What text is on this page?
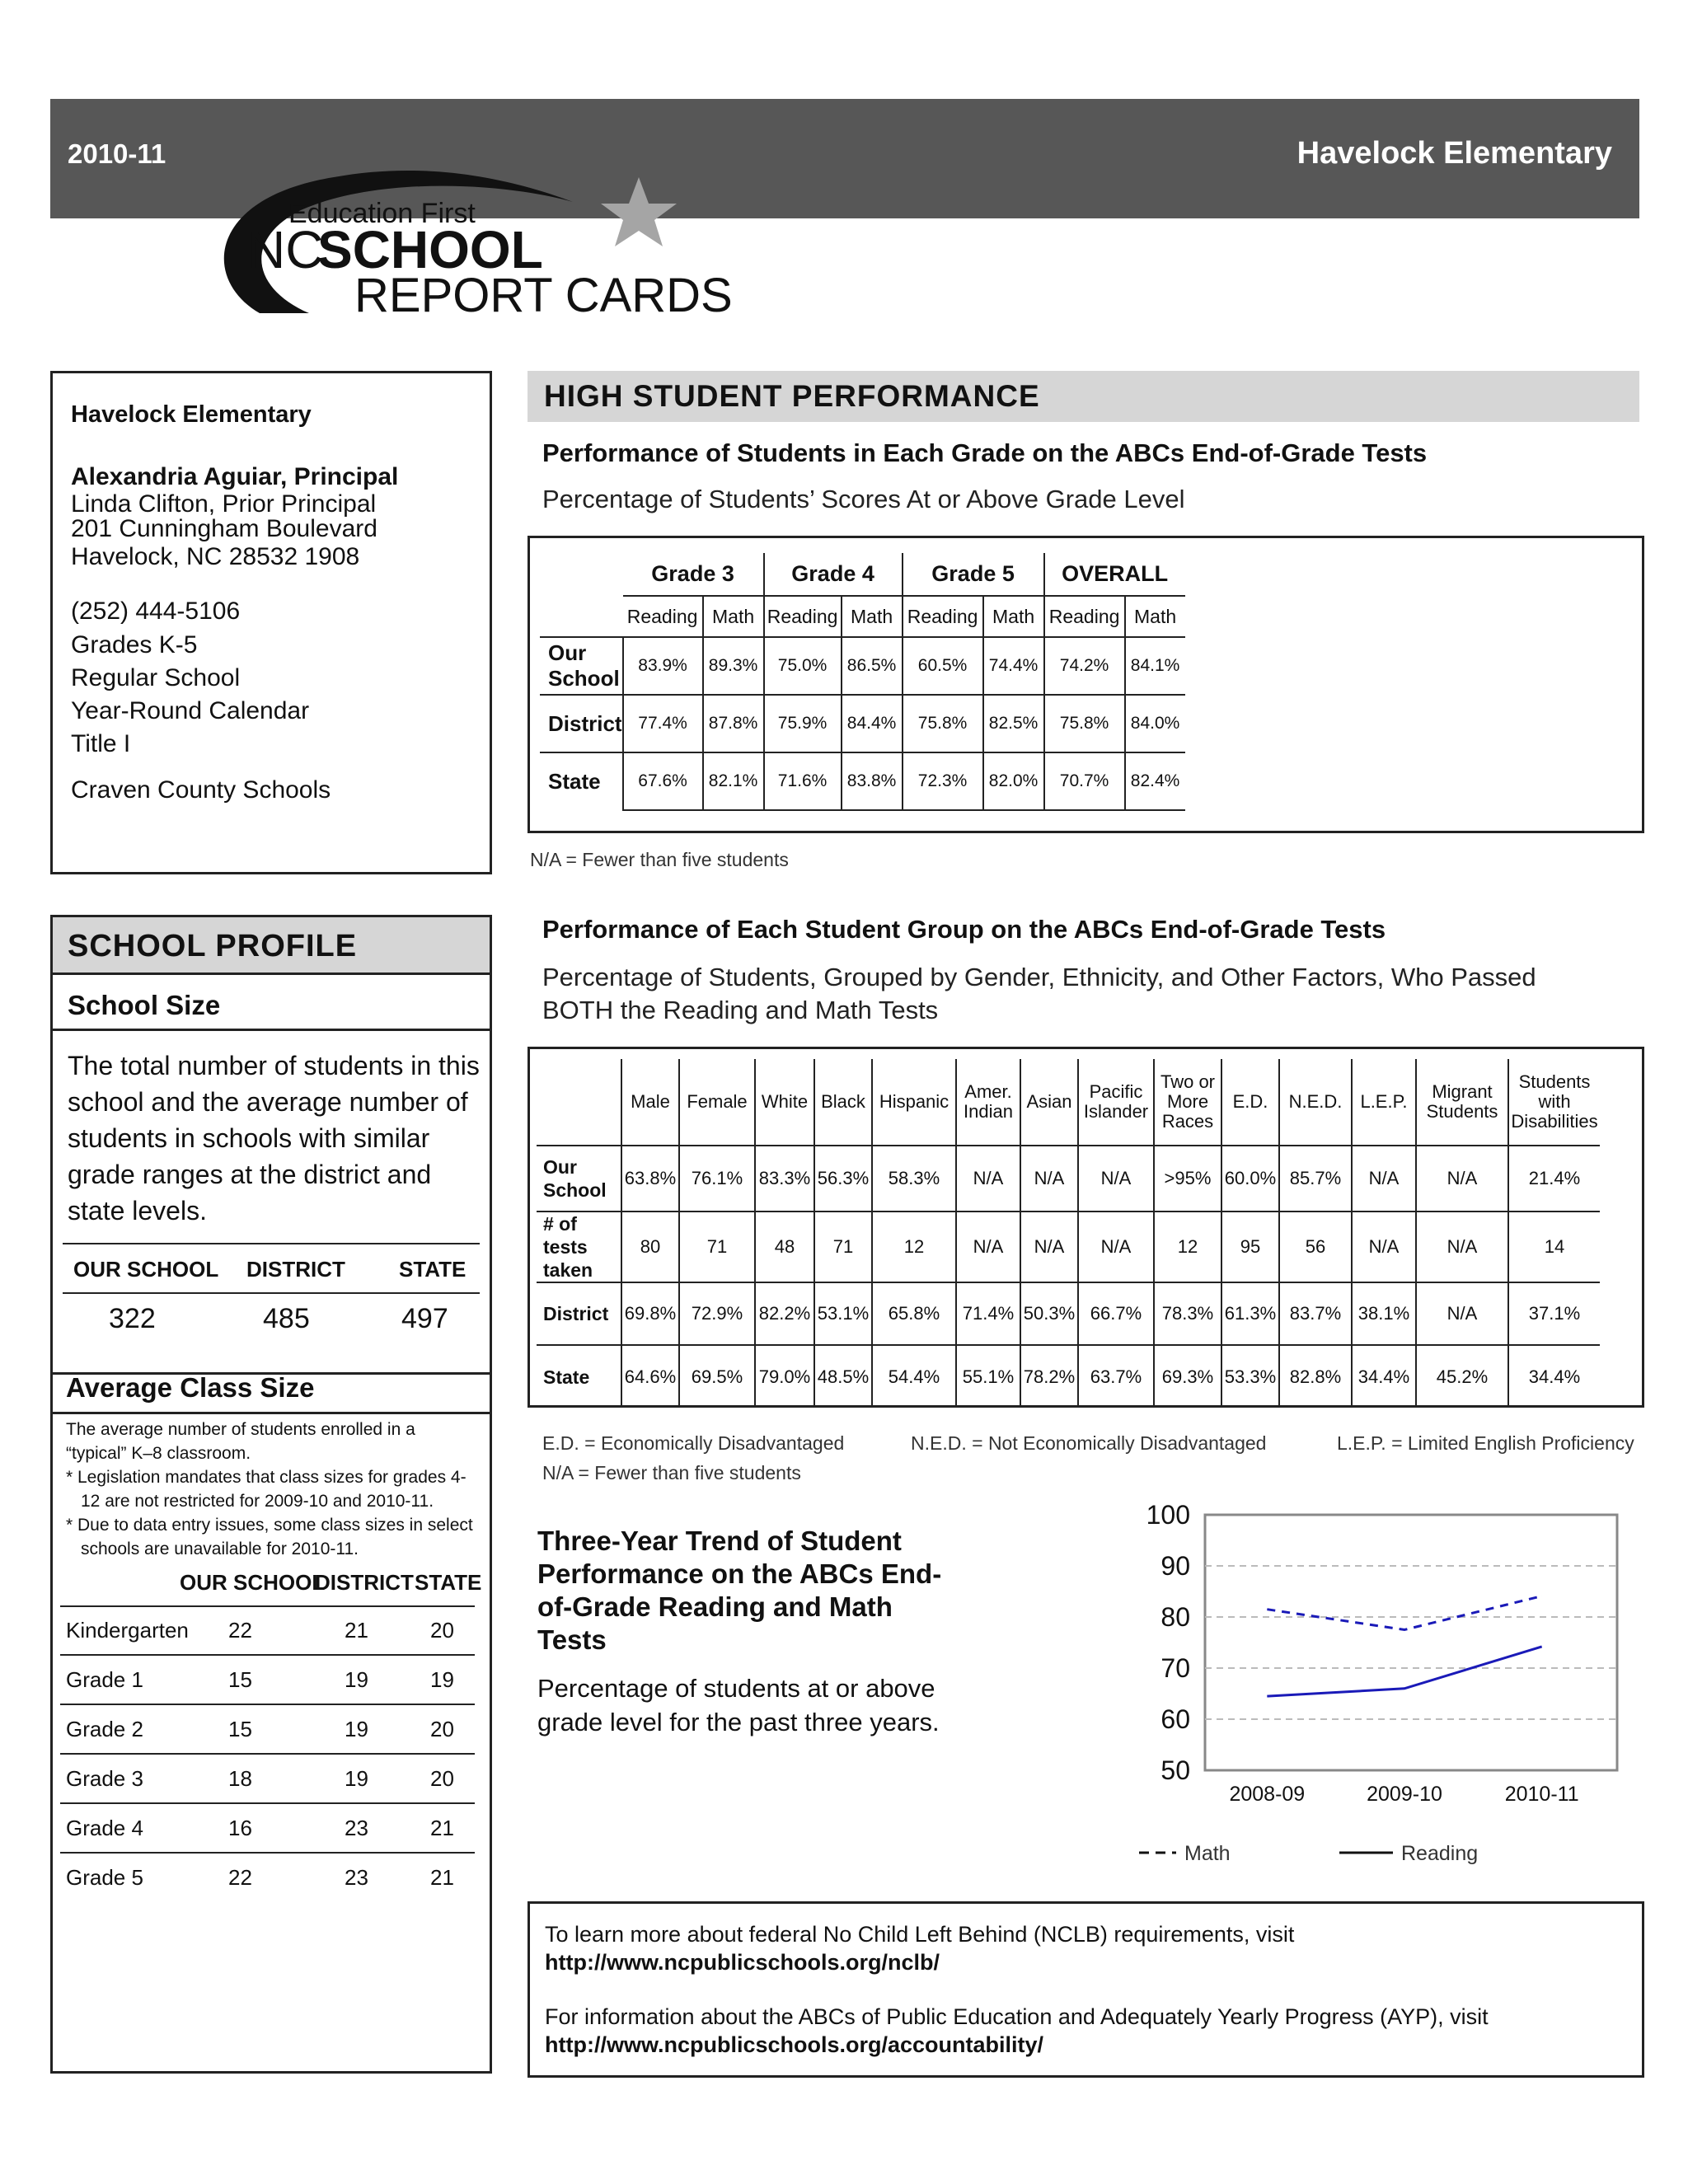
2010-11	Havelock Elementary
Education First
NC
SCHOOL
REPORT CARDS
Havelock Elementary
Alexandria Aguiar, Principal
Linda Clifton, Prior Principal
201 Cunningham Boulevard
Havelock, NC 28532 1908
(252) 444-5106
Grades K-5
Regular School
Year-Round Calendar
Title I
Craven County Schools
SCHOOL PROFILE
School Size
The total number of students in this school and the average number of students in schools with similar grade ranges at the district and state levels.
OUR SCHOOL DISTRICT	STATE
322	485	497
Average Class Size
The average number of students enrolled in a “typical” K–8 classroom.
* Legislation mandates that class sizes for grades 4-12 are not restricted for 2009-10 and 2010-11.
* Due to data entry issues, some class sizes in select schools are unavailable for 2010-11.
OUR SCHOOL
DISTRICT STATE
Kindergarten 22	21	20
Grade 1	15	19	19
Grade 2	15	19	20
Grade 3	18	19	20
Grade 4	16	23	21
Grade 5	22	23	21
HIGH STUDENT PERFORMANCE
Performance of Students in Each Grade on the ABCs End-of-Grade Tests
Percentage of Students’ Scores At or Above Grade Level
	Grade 3		Grade 4		Grade 5		OVERALL	
	Reading	Math	Reading	Math	Reading	Math	Reading	Math
Our School	83.9%	89.3%	75.0%	86.5%	60.5%	74.4%	74.2%	84.1%
District	77.4%	87.8%	75.9%	84.4%	75.8%	82.5%	75.8%	84.0%
State	67.6%	82.1%	71.6%	83.8%	72.3%	82.0%	70.7%	82.4%
N/A = Fewer than five students
Performance of Each Student Group on the ABCs End-of-Grade Tests
Percentage of Students, Grouped by Gender, Ethnicity, and Other Factors, Who Passed BOTH the Reading and Math Tests
	Male	Female	White	Black	Hispanic	Amer. Indian	Asian	Pacific Islander	Two or More Races	E.D.	N.E.D.	L.E.P.	Migrant Students	Students with Disabilities
Our School	63.8%	76.1%	83.3%	56.3%	58.3%	N/A	N/A	N/A	>95%	60.0%	85.7%	N/A	N/A	21.4%
# of tests taken	80	71	48	71	12	N/A	N/A	N/A	12	95	56	N/A	N/A	14
District	69.8%	72.9%	82.2%	53.1%	65.8%	71.4%	50.3%	66.7%	78.3%	61.3%	83.7%	38.1%	N/A	37.1%
State	64.6%	69.5%	79.0%	48.5%	54.4%	55.1%	78.2%	63.7%	69.3%	53.3%	82.8%	34.4%	45.2%	34.4%
E.D. = Economically Disadvantaged	N.E.D. = Not Economically Disadvantaged	L.E.P. = Limited English Proficiency
N/A = Fewer than five students
Three-Year Trend of Student Performance on the ABCs End-of-Grade Reading and Math Tests
Percentage of students at or above grade level for the past three years.
100
90
80
70
60
50
2008-09	2009-10	2010-11
Math	Reading
To learn more about federal No Child Left Behind (NCLB) requirements, visit
http://www.ncpublicschools.org/nclb/
For information about the ABCs of Public Education and Adequately Yearly Progress (AYP), visit
http://www.ncpublicschools.org/accountability/
